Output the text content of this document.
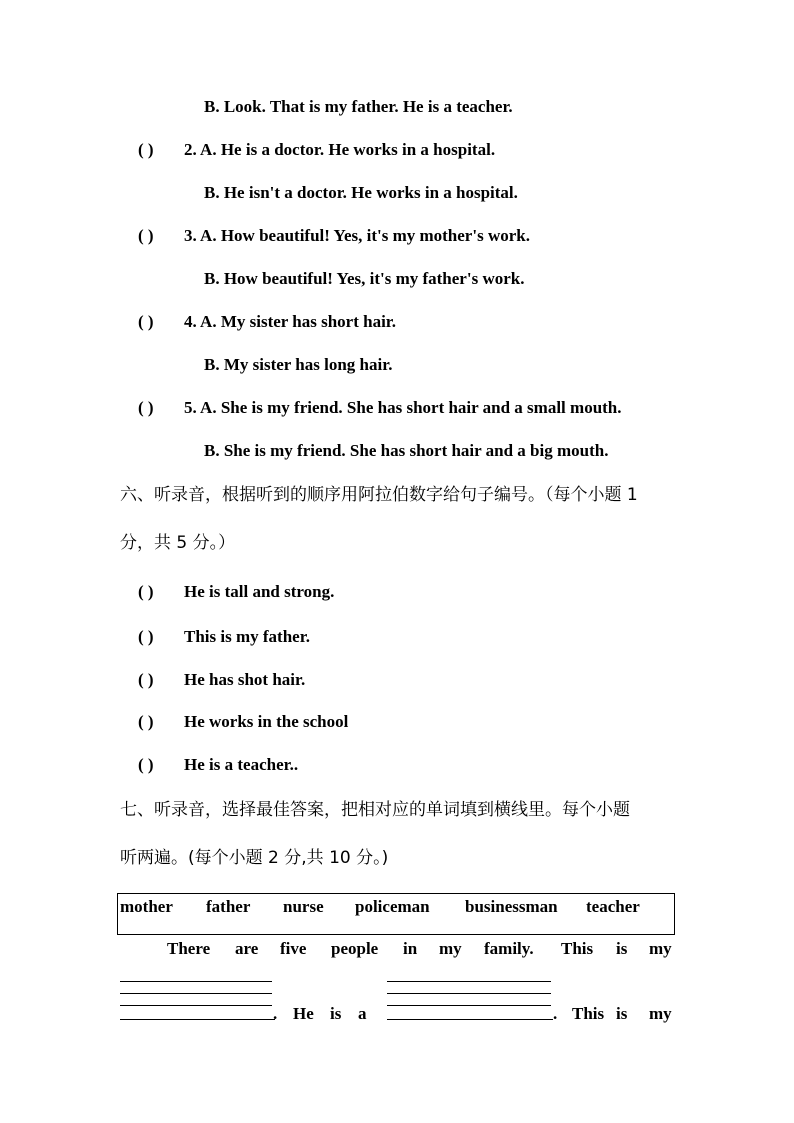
B. Look. That is my father. He is a teacher.
( ) 2. A. He is a doctor. He works in a hospital.
B. He isn't a doctor. He works in a hospital.
( ) 3. A. How beautiful! Yes, it's my mother's work.
B. How beautiful! Yes, it's my father's work.
( ) 4. A. My sister has short hair.
B. My sister has long hair.
( ) 5. A. She is my friend. She has short hair and a small mouth.
B. She is my friend. She has short hair and a big mouth.
六、听录音，根据听到的顺序用阿拉伯数字给句子编号。（每个小题 1
分，共 5 分。）
( ) He is tall and strong.
( ) This is my father.
( ) He has shot hair.
( ) He works in the school
( ) He is a teacher..
七、听录音，选择最佳答案，把相对应的单词填到横线里。每个小题
听两遍。(每个小题 2 分,共 10 分。)
mother father nurse policeman businessman teacher
There are five people in my family. This is my
. He is a	. This is my
